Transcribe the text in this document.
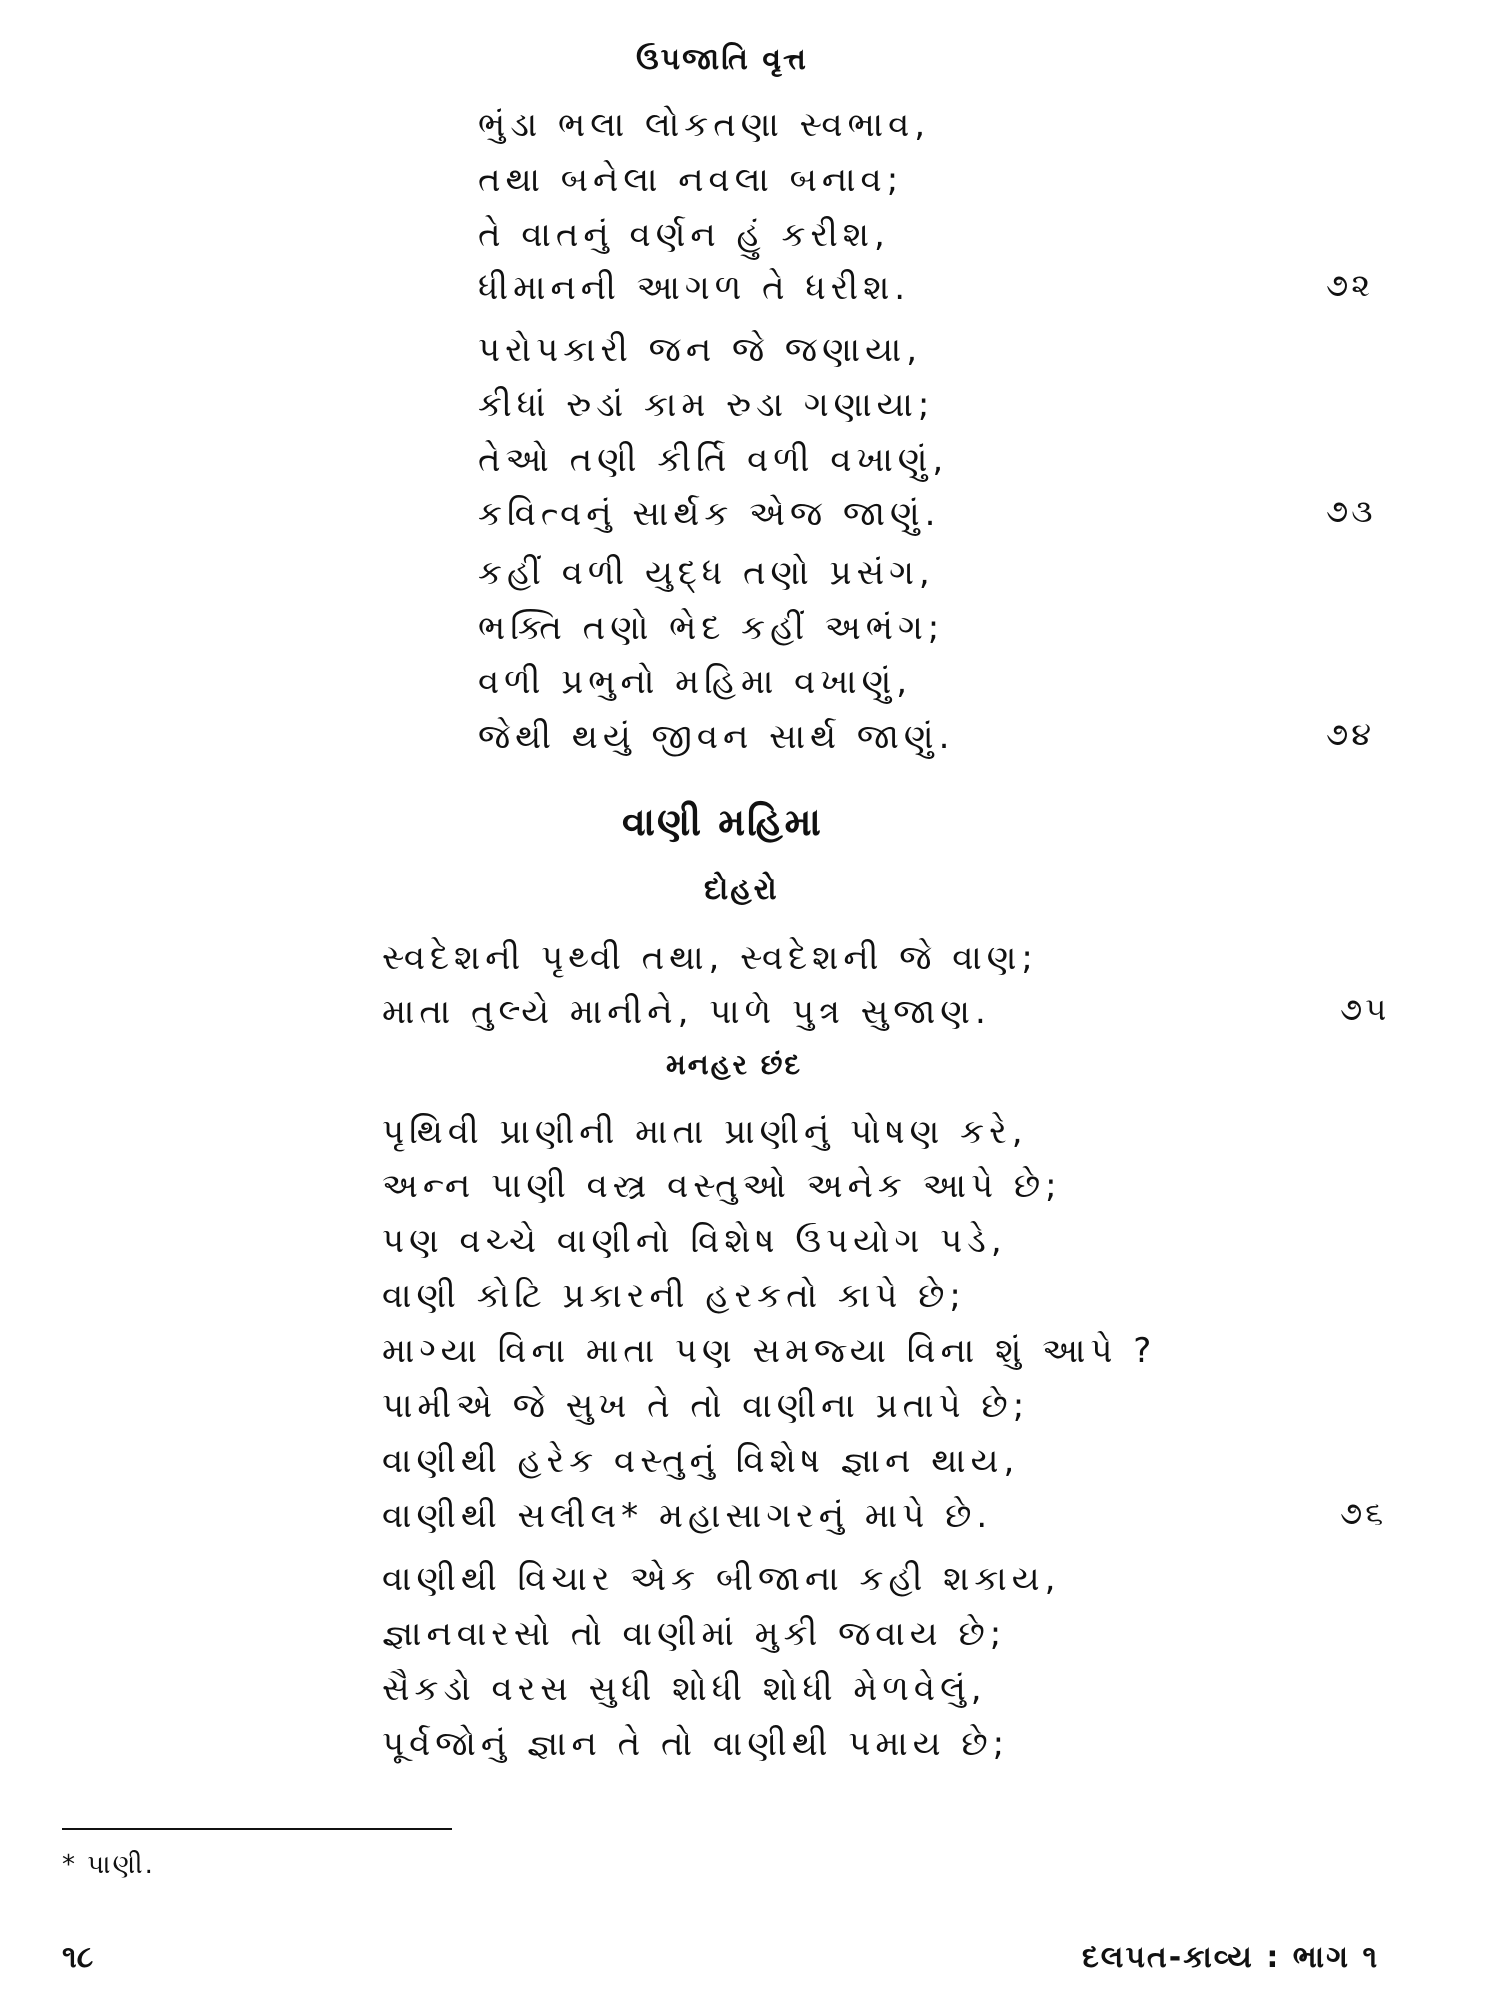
ઉપજાતિ વૃત્ત
ભુંડા ભલા લોકતણા સ્વભાવ,
તથા બનેલા નવલા બનાવ;
તે વાતનું વર્ણન હું કરીશ,
ધીમાનની આગળ તે ધરીશ.	૭૨
પરોપકારી જન જે જણાયા,
કીધાં રુડાં કામ રુડા ગણાયા;
તેઓ તણી કીર્તિ વળી વખાણું,
કવિત્વનું સાર્થક એજ જાણું.	૭૩
કહીં વળી યુદ્ધ તણો પ્રસંગ,
ભક્તિ તણો ભેદ કહીં અભંગ;
વળી પ્રભુનો મહિમા વખાણું,
જેથી થયું જીવન સાર્થ જાણું.	૭૪
વાણી મહિમા
દોહરો
સ્વદેશની પૃથ્વી તથા, સ્વદેશની જે વાણ;
માતા તુલ્યે માનીને, પાળે પુત્ર સુજાણ.	૭૫
મનહર છંદ
પૃથિવી પ્રાણીની માતા પ્રાણીનું પોષણ કરે,
અન્ન પાણી વસ્ત્ર વસ્તુઓ અનેક આપે છે;
પણ વચ્ચે વાણીનો વિશેષ ઉપયોગ પડે,
વાણી કોટિ પ્રકારની હરકતો કાપે છે;
માગ્યા વિના માતા પણ સમજ્યા વિના શું આપે ?
પામીએ જે સુખ તે તો વાણીના પ્રતાપે છે;
વાણીથી હરેક વસ્તુનું વિશેષ જ્ઞાન થાય,
વાણીથી સલીલ* મહાસાગરનું માપે છે.	૭૬
વાણીથી વિચાર એક બીજાના કહી શકાય,
જ્ઞાનવારસો તો વાણીમાં મુકી જવાય છે;
સૈકડો વરસ સુધી શોધી શોધી મેળવેલું,
પૂર્વજોનું જ્ઞાન તે તો વાણીથી પમાય છે;
* પાણી.
૧૮	દલપત-કાવ્ય : ભાગ ૧
